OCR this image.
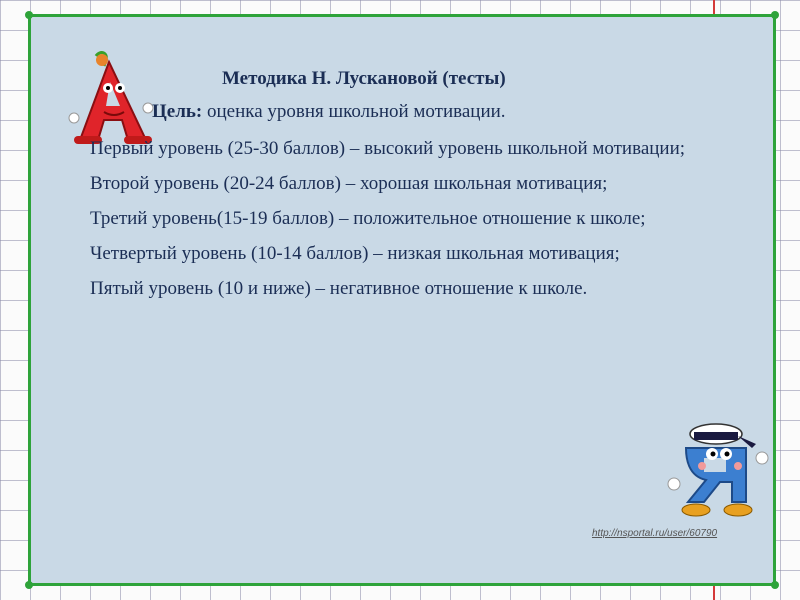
Методика Н. Лускановой (тесты)

Цель: оценка уровня школьной мотивации.

Первый уровень (25-30 баллов) – высокий уровень школьной мотивации;

Второй уровень (20-24 баллов) – хорошая школьная мотивация;

Третий уровень(15-19 баллов) – положительное отношение к школе;

Четвертый уровень (10-14 баллов) – низкая школьная мотивация;

Пятый уровень (10 и ниже) – негативное отношение к школе.

http://nsportal.ru/user/60790
